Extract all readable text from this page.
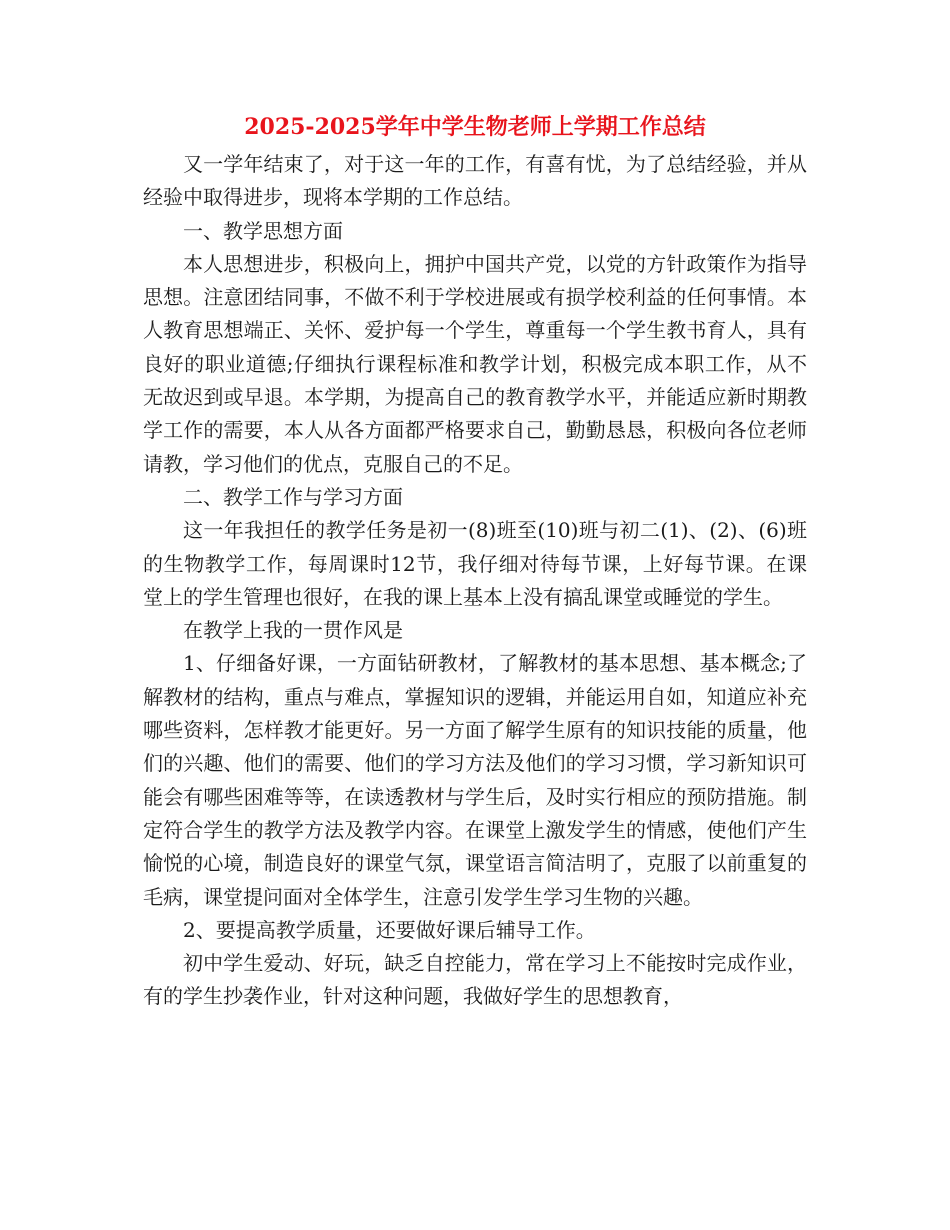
2025-2025学年中学生物老师上学期工作总结

又一学年结束了，对于这一年的工作，有喜有忧，为了总结经验，并从经验中取得进步，现将本学期的工作总结。

一、教学思想方面

本人思想进步，积极向上，拥护中国共产党，以党的方针政策作为指导思想。注意团结同事，不做不利于学校进展或有损学校利益的任何事情。本人教育思想端正、关怀、爱护每一个学生，尊重每一个学生教书育人，具有良好的职业道德;仔细执行课程标准和教学计划，积极完成本职工作，从不无故迟到或早退。本学期，为提高自己的教育教学水平，并能适应新时期教学工作的需要，本人从各方面都严格要求自己，勤勤恳恳，积极向各位老师请教，学习他们的优点，克服自己的不足。

二、教学工作与学习方面

这一年我担任的教学任务是初一(8)班至(10)班与初二(1)、(2)、(6)班的生物教学工作，每周课时12节，我仔细对待每节课，上好每节课。在课堂上的学生管理也很好，在我的课上基本上没有搞乱课堂或睡觉的学生。

在教学上我的一贯作风是

1、仔细备好课，一方面钻研教材，了解教材的基本思想、基本概念;了解教材的结构，重点与难点，掌握知识的逻辑，并能运用自如，知道应补充哪些资料，怎样教才能更好。另一方面了解学生原有的知识技能的质量，他们的兴趣、他们的需要、他们的学习方法及他们的学习习惯，学习新知识可能会有哪些困难等等，在读透教材与学生后，及时实行相应的预防措施。制定符合学生的教学方法及教学内容。在课堂上激发学生的情感，使他们产生愉悦的心境，制造良好的课堂气氛，课堂语言简洁明了，克服了以前重复的毛病，课堂提问面对全体学生，注意引发学生学习生物的兴趣。

2、要提高教学质量，还要做好课后辅导工作。

初中学生爱动、好玩，缺乏自控能力，常在学习上不能按时完成作业，有的学生抄袭作业，针对这种问题，我做好学生的思想教育，
